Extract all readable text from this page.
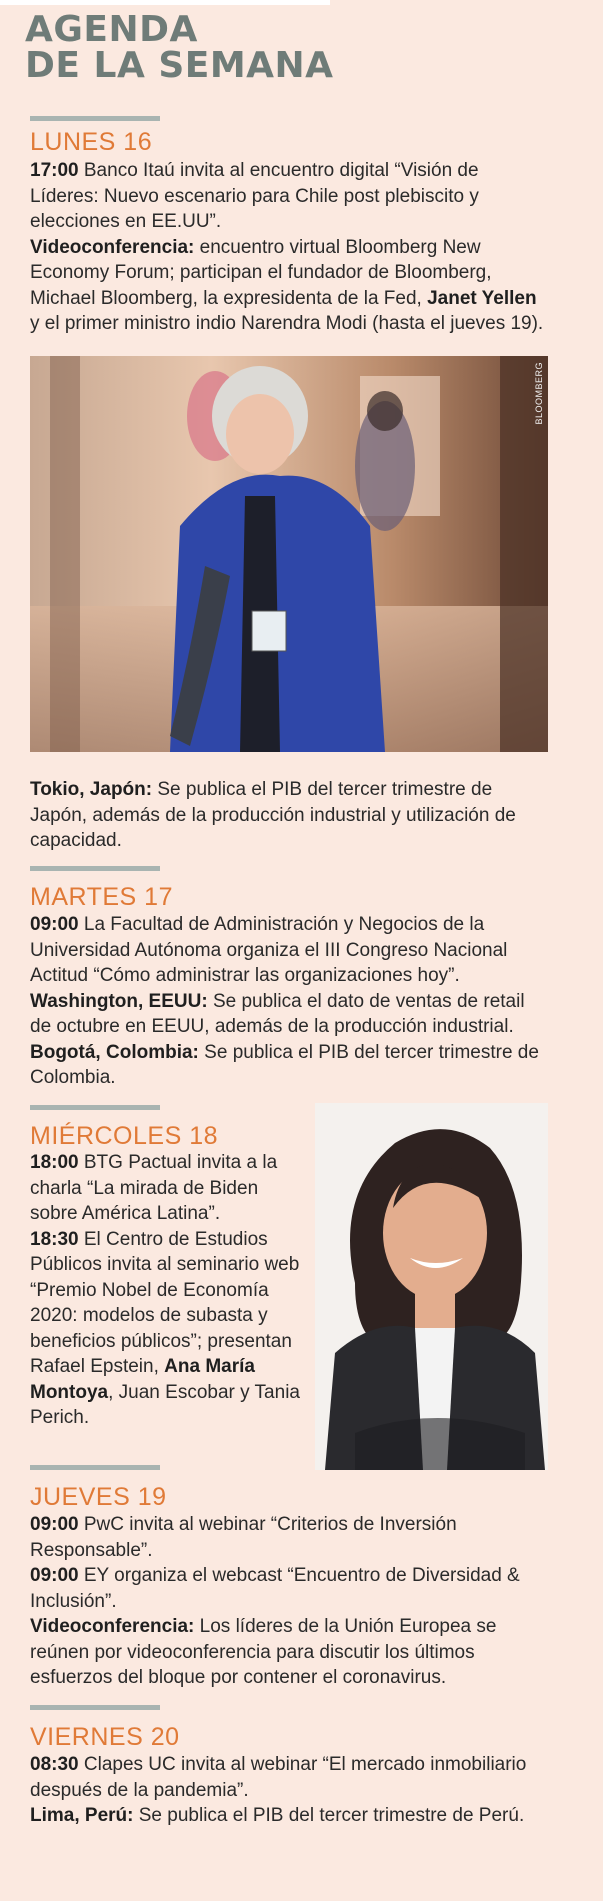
AGENDA
DE LA SEMANA
LUNES 16
17:00 Banco Itaú invita al encuentro digital “Visión de Líderes: Nuevo escenario para Chile post plebiscito y elecciones en EE.UU”.
Videoconferencia: encuentro virtual Bloomberg New Economy Forum; participan el fundador de Bloomberg, Michael Bloomberg, la expresidenta de la Fed, Janet Yellen y el primer ministro indio Narendra Modi (hasta el jueves 19).
BLOOMBERG
Tokio, Japón: Se publica el PIB del tercer trimestre de Japón, además de la producción industrial y utilización de capacidad.
MARTES 17
09:00 La Facultad de Administración y Negocios de la Universidad Autónoma organiza el III Congreso Nacional Actitud “Cómo administrar las organizaciones hoy”.
Washington, EEUU: Se publica el dato de ventas de retail de octubre en EEUU, además de la producción industrial.
Bogotá, Colombia: Se publica el PIB del tercer trimestre de Colombia.
MIÉRCOLES 18
18:00 BTG Pactual invita a la charla “La mirada de Biden sobre América Latina”.
18:30 El Centro de Estudios Públicos invita al seminario web “Premio Nobel de Economía 2020: modelos de subasta y beneficios públicos”; presentan Rafael Epstein, Ana María Montoya, Juan Escobar y Tania Perich.
JUEVES 19
09:00 PwC invita al webinar “Criterios de Inversión Responsable”.
09:00 EY organiza el webcast “Encuentro de Diversidad & Inclusión”.
Videoconferencia: Los líderes de la Unión Europea se reúnen por videoconferencia para discutir los últimos esfuerzos del bloque por contener el coronavirus.
VIERNES 20
08:30 Clapes UC invita al webinar “El mercado inmobiliario después de la pandemia”.
Lima, Perú: Se publica el PIB del tercer trimestre de Perú.
